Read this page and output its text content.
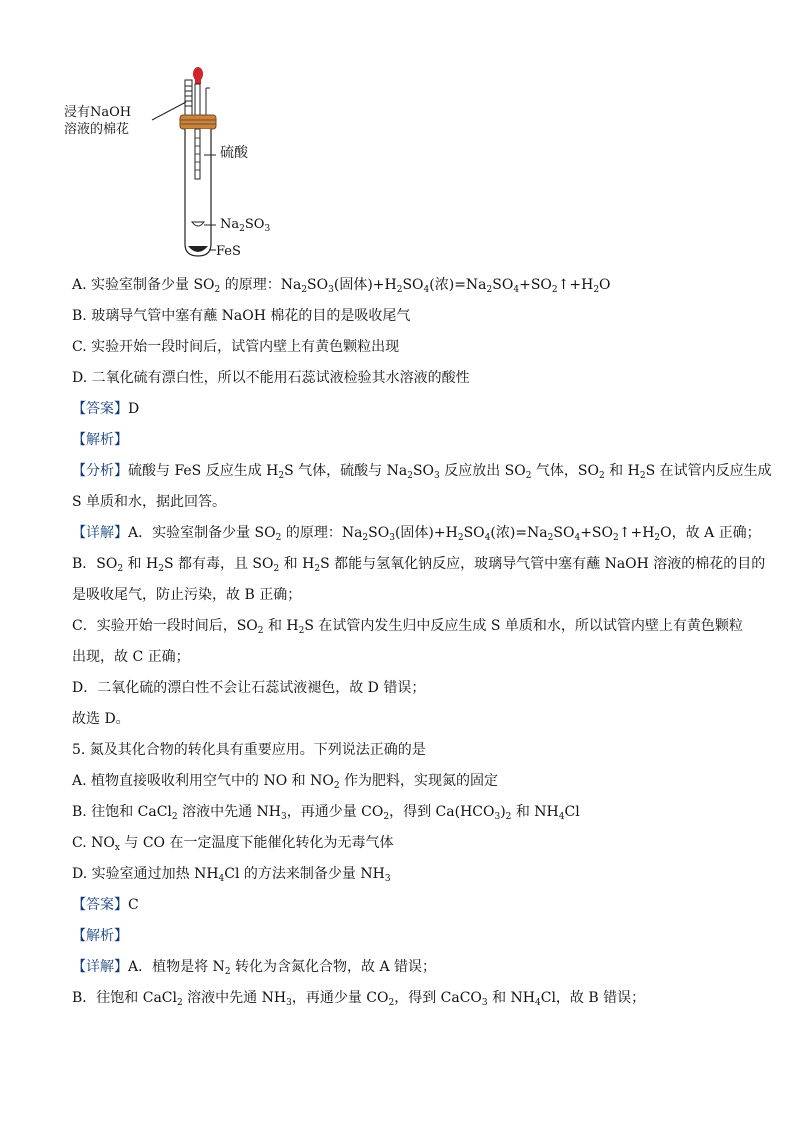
浸有NaOH
溶液的棉花
硫酸
$Na_2SO_3$
FeS
A. 实验室制备少量 $SO_2$ 的原理：$Na_2SO_3$(固体)$+H_2SO_4$(浓)$=Na_2SO_4+SO_2↑+H_2O$
B. 玻璃导气管中塞有蘸 NaOH 棉花的目的是吸收尾气
C. 实验开始一段时间后，试管内壁上有黄色颗粒出现
D. 二氧化硫有漂白性，所以不能用石蕊试液检验其水溶液的酸性
【答案】D
【解析】
【分析】硫酸与 FeS 反应生成 $H_2S$ 气体，硫酸与 $Na_2SO_3$ 反应放出 $SO_2$ 气体，$SO_2$ 和 $H_2S$ 在试管内反应生成
S 单质和水，据此回答。
【详解】A．实验室制备少量 $SO_2$ 的原理：$Na_2SO_3$(固体)$+H_2SO_4$(浓)$=Na_2SO_4+SO_2↑+H_2O$，故 A 正确；
B．$SO_2$ 和 $H_2S$ 都有毒，且 $SO_2$ 和 $H_2S$ 都能与氢氧化钠反应，玻璃导气管中塞有蘸 NaOH 溶液的棉花的目的
是吸收尾气，防止污染，故 B 正确；
C．实验开始一段时间后，$SO_2$ 和 $H_2S$ 在试管内发生归中反应生成 S 单质和水，所以试管内壁上有黄色颗粒
出现，故 C 正确；
D．二氧化硫的漂白性不会让石蕊试液褪色，故 D 错误；
故选 D。
5. 氮及其化合物的转化具有重要应用。下列说法正确的是
A. 植物直接吸收利用空气中的 NO 和 $NO_2$ 作为肥料，实现氮的固定
B. 往饱和 CaCl$_2$ 溶液中先通 $NH_3$，再通少量 $CO_2$，得到 $Ca(HCO_3)_2$ 和 $NH_4Cl$
C. $NO_x$ 与 CO 在一定温度下能催化转化为无毒气体
D. 实验室通过加热 $NH_4Cl$ 的方法来制备少量 $NH_3$
【答案】C
【解析】
【详解】A．植物是将 $N_2$ 转化为含氮化合物，故 A 错误；
B．往饱和 CaCl$_2$ 溶液中先通 $NH_3$，再通少量 $CO_2$，得到 CaCO$_3$ 和 $NH_4Cl$，故 B 错误；
